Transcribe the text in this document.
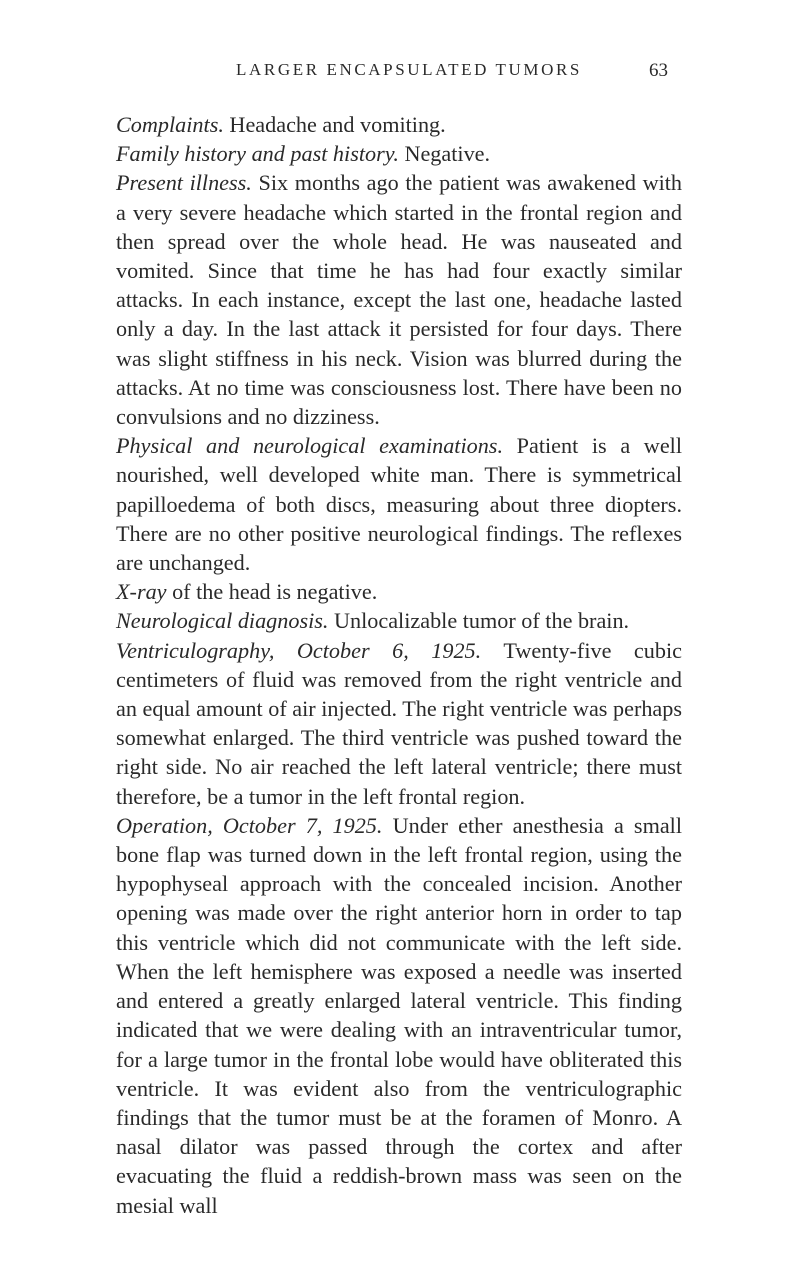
LARGER ENCAPSULATED TUMORS	63

Complaints. Headache and vomiting.

Family history and past history. Negative.

Present illness. Six months ago the patient was awakened with a very severe headache which started in the frontal region and then spread over the whole head. He was nauseated and vomited. Since that time he has had four exactly similar attacks. In each instance, except the last one, headache lasted only a day. In the last attack it persisted for four days. There was slight stiffness in his neck. Vision was blurred during the attacks. At no time was consciousness lost. There have been no convulsions and no dizziness.

Physical and neurological examinations. Patient is a well nourished, well developed white man. There is symmetrical papilloedema of both discs, measuring about three diopters. There are no other positive neurological findings. The reflexes are unchanged.

X-ray of the head is negative.

Neurological diagnosis. Unlocalizable tumor of the brain.

Ventriculography, October 6, 1925. Twenty-five cubic centimeters of fluid was removed from the right ventricle and an equal amount of air injected. The right ventricle was perhaps somewhat enlarged. The third ventricle was pushed toward the right side. No air reached the left lateral ventricle; there must therefore, be a tumor in the left frontal region.

Operation, October 7, 1925. Under ether anesthesia a small bone flap was turned down in the left frontal region, using the hypophyseal approach with the concealed incision. Another opening was made over the right anterior horn in order to tap this ventricle which did not communicate with the left side. When the left hemisphere was exposed a needle was inserted and entered a greatly enlarged lateral ventricle. This finding indicated that we were dealing with an intraventricular tumor, for a large tumor in the frontal lobe would have obliterated this ventricle. It was evident also from the ventriculographic findings that the tumor must be at the foramen of Monro. A nasal dilator was passed through the cortex and after evacuating the fluid a reddish-brown mass was seen on the mesial wall
